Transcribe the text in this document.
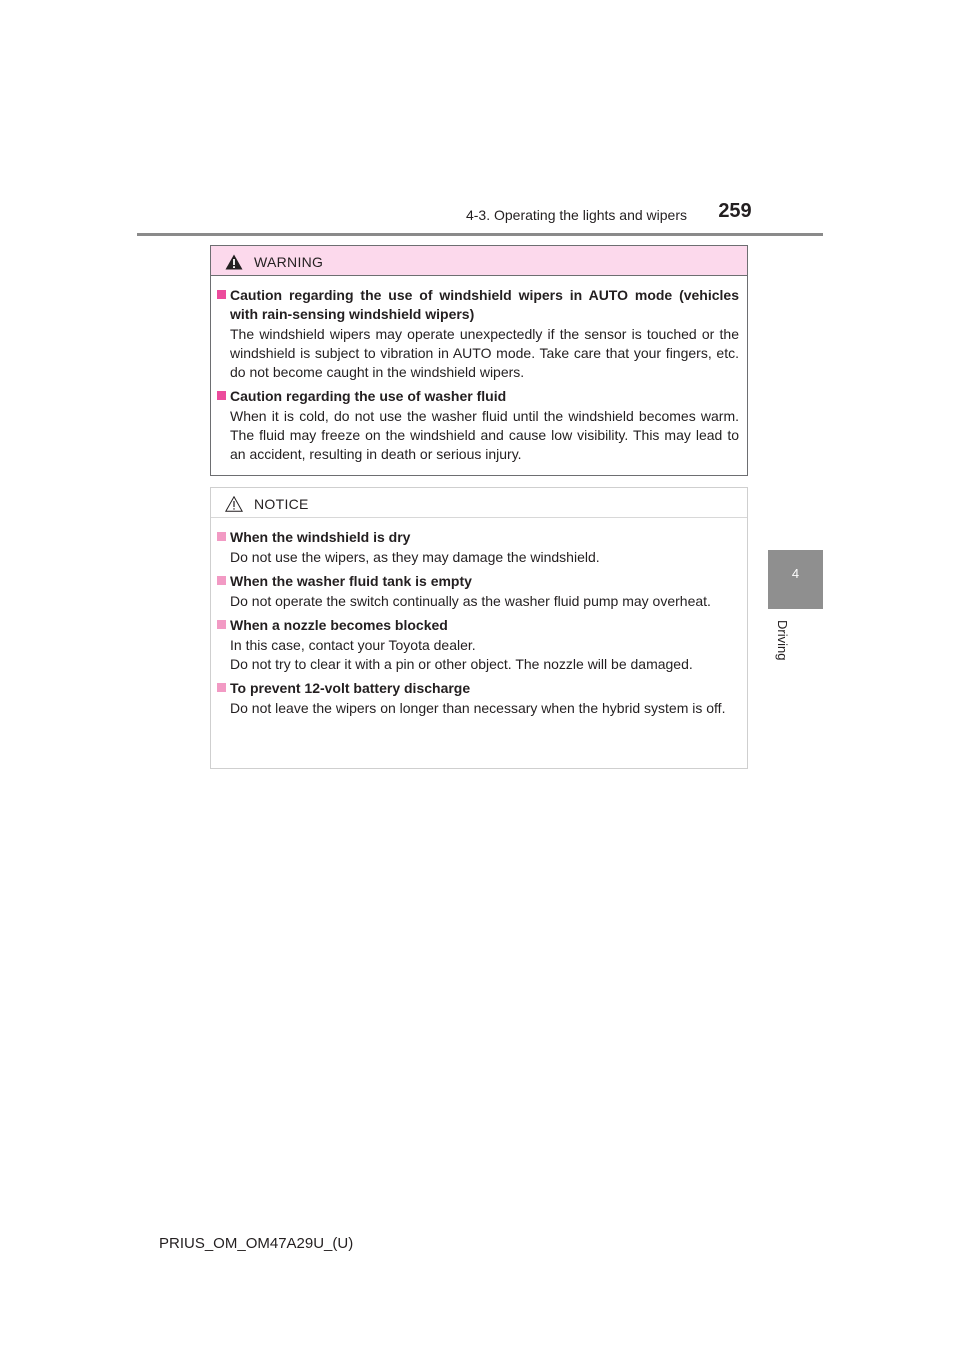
4-3. Operating the lights and wipers	259
4
Driving
WARNING
Caution regarding the use of windshield wipers in AUTO mode (vehicles with rain-sensing windshield wipers)
The windshield wipers may operate unexpectedly if the sensor is touched or the windshield is subject to vibration in AUTO mode. Take care that your fingers, etc. do not become caught in the windshield wipers.
Caution regarding the use of washer fluid
When it is cold, do not use the washer fluid until the windshield becomes warm. The fluid may freeze on the windshield and cause low visibility. This may lead to an accident, resulting in death or serious injury.
NOTICE
When the windshield is dry
Do not use the wipers, as they may damage the windshield.
When the washer fluid tank is empty
Do not operate the switch continually as the washer fluid pump may overheat.
When a nozzle becomes blocked
In this case, contact your Toyota dealer.
Do not try to clear it with a pin or other object. The nozzle will be damaged.
To prevent 12-volt battery discharge
Do not leave the wipers on longer than necessary when the hybrid system is off.
PRIUS_OM_OM47A29U_(U)
